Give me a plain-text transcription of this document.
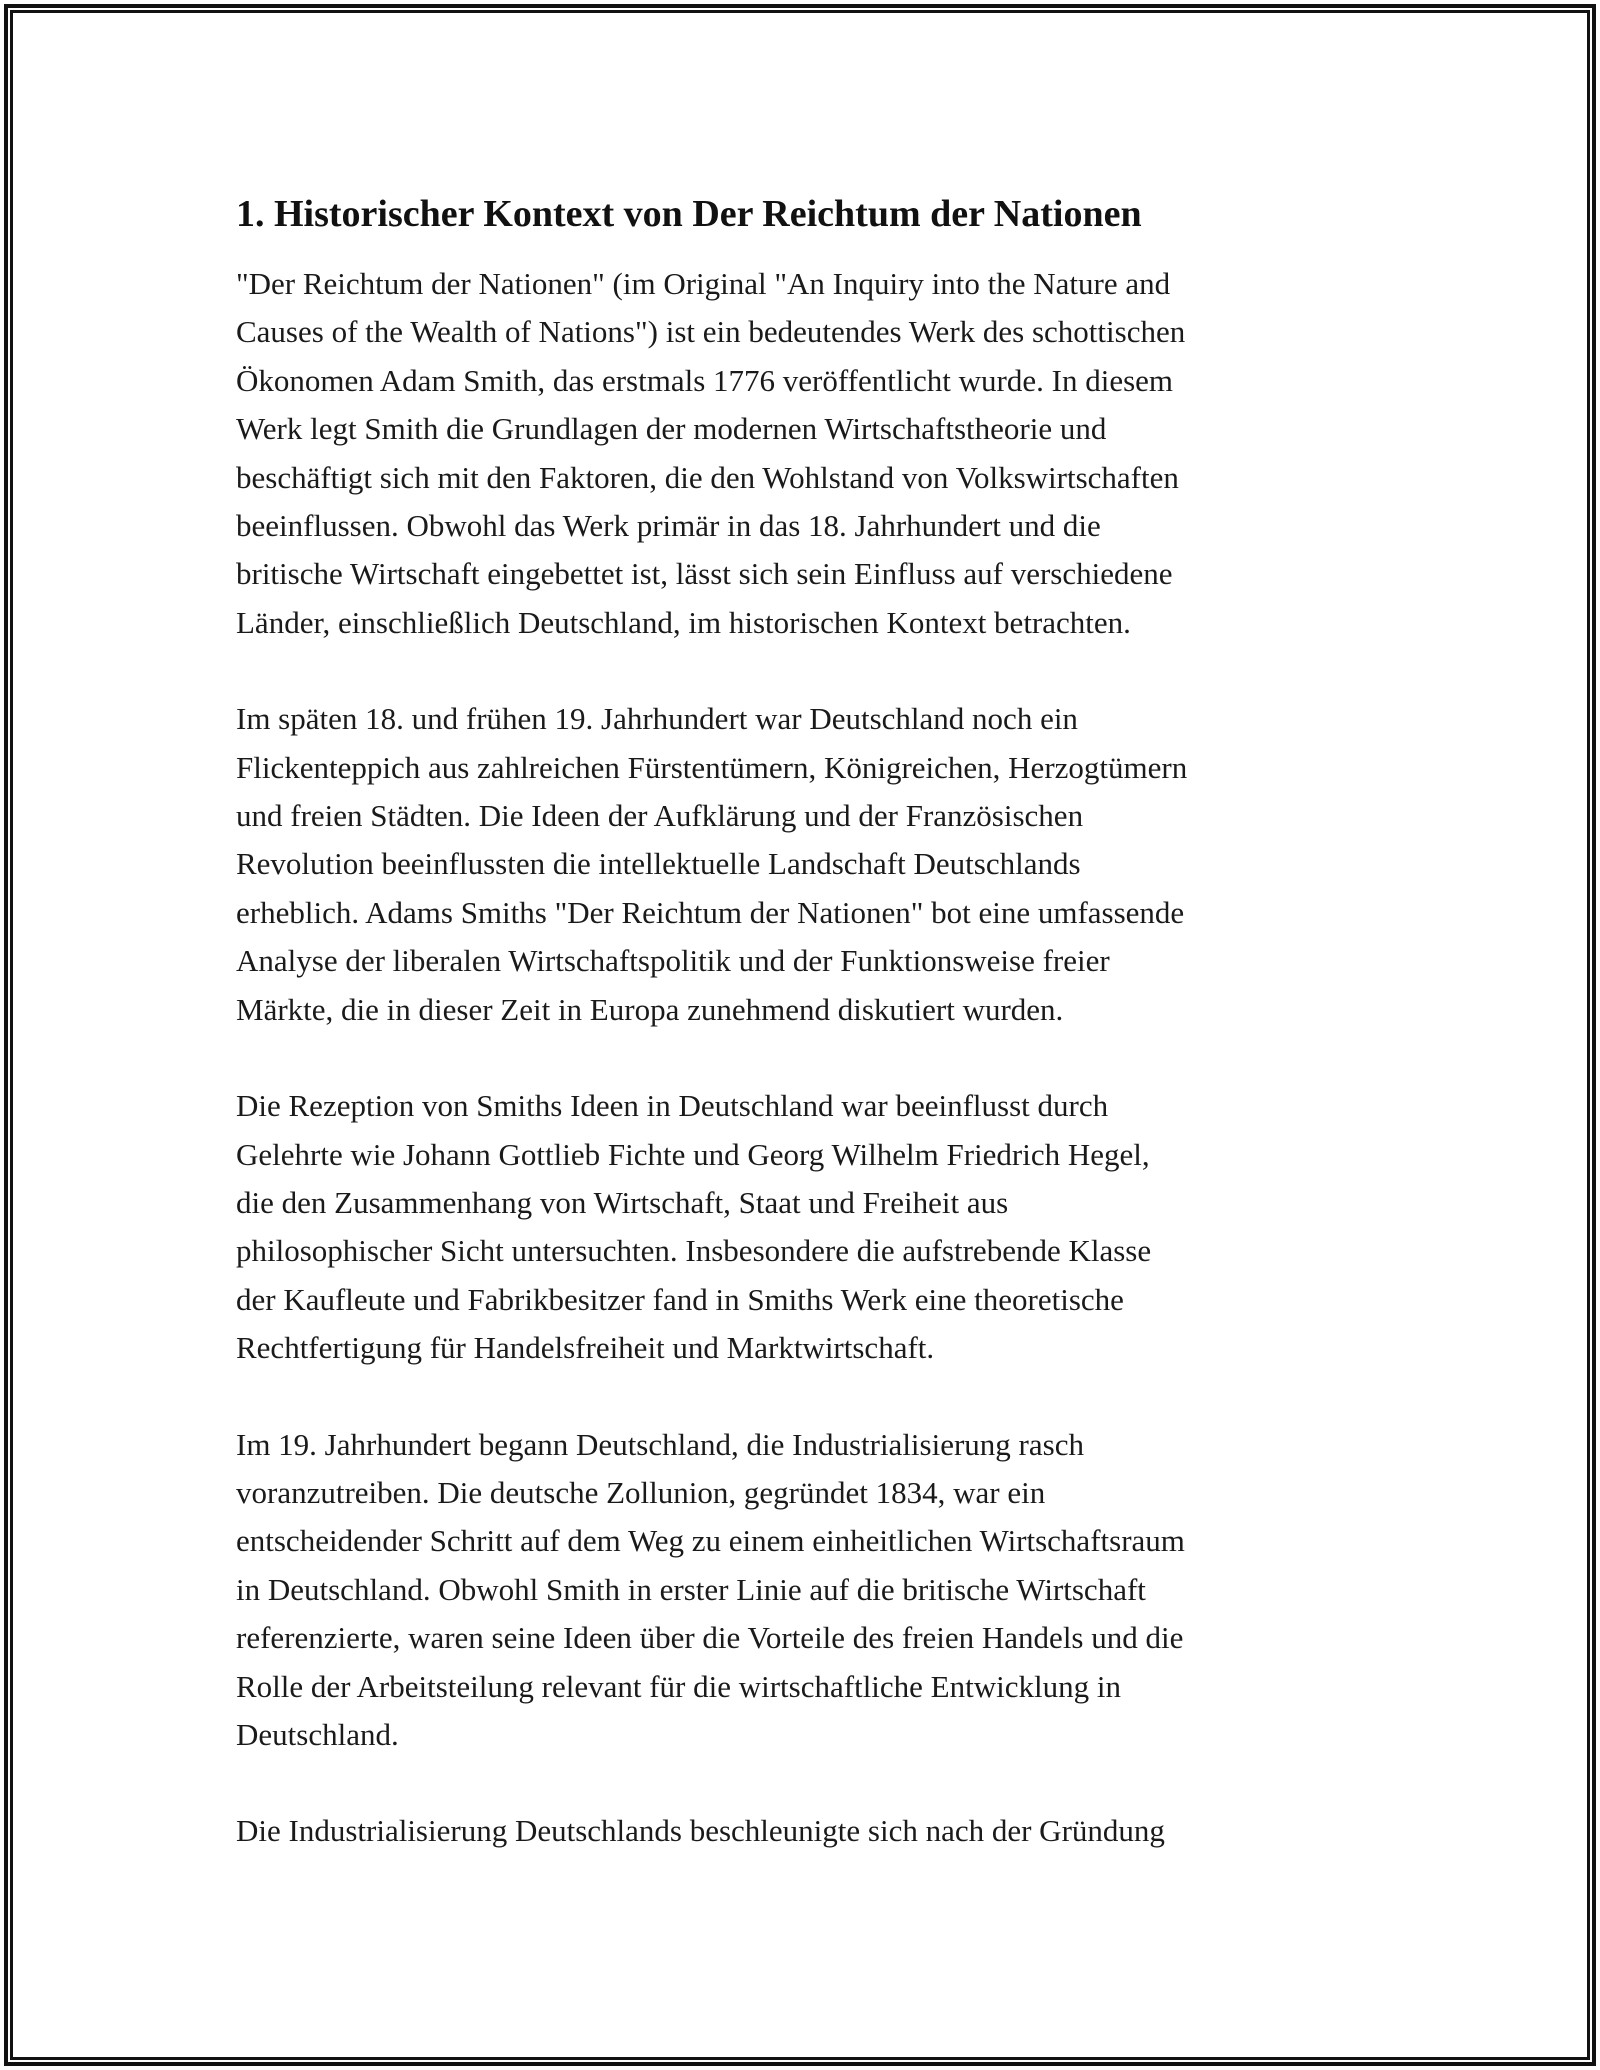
1. Historischer Kontext von Der Reichtum der Nationen

"Der Reichtum der Nationen" (im Original "An Inquiry into the Nature and
Causes of the Wealth of Nations") ist ein bedeutendes Werk des schottischen
Ökonomen Adam Smith, das erstmals 1776 veröffentlicht wurde. In diesem
Werk legt Smith die Grundlagen der modernen Wirtschaftstheorie und
beschäftigt sich mit den Faktoren, die den Wohlstand von Volkswirtschaften
beeinflussen. Obwohl das Werk primär in das 18. Jahrhundert und die
britische Wirtschaft eingebettet ist, lässt sich sein Einfluss auf verschiedene
Länder, einschließlich Deutschland, im historischen Kontext betrachten.

Im späten 18. und frühen 19. Jahrhundert war Deutschland noch ein
Flickenteppich aus zahlreichen Fürstentümern, Königreichen, Herzogtümern
und freien Städten. Die Ideen der Aufklärung und der Französischen
Revolution beeinflussten die intellektuelle Landschaft Deutschlands
erheblich. Adams Smiths "Der Reichtum der Nationen" bot eine umfassende
Analyse der liberalen Wirtschaftspolitik und der Funktionsweise freier
Märkte, die in dieser Zeit in Europa zunehmend diskutiert wurden.

Die Rezeption von Smiths Ideen in Deutschland war beeinflusst durch
Gelehrte wie Johann Gottlieb Fichte und Georg Wilhelm Friedrich Hegel,
die den Zusammenhang von Wirtschaft, Staat und Freiheit aus
philosophischer Sicht untersuchten. Insbesondere die aufstrebende Klasse
der Kaufleute und Fabrikbesitzer fand in Smiths Werk eine theoretische
Rechtfertigung für Handelsfreiheit und Marktwirtschaft.

Im 19. Jahrhundert begann Deutschland, die Industrialisierung rasch
voranzutreiben. Die deutsche Zollunion, gegründet 1834, war ein
entscheidender Schritt auf dem Weg zu einem einheitlichen Wirtschaftsraum
in Deutschland. Obwohl Smith in erster Linie auf die britische Wirtschaft
referenzierte, waren seine Ideen über die Vorteile des freien Handels und die
Rolle der Arbeitsteilung relevant für die wirtschaftliche Entwicklung in
Deutschland.

Die Industrialisierung Deutschlands beschleunigte sich nach der Gründung
